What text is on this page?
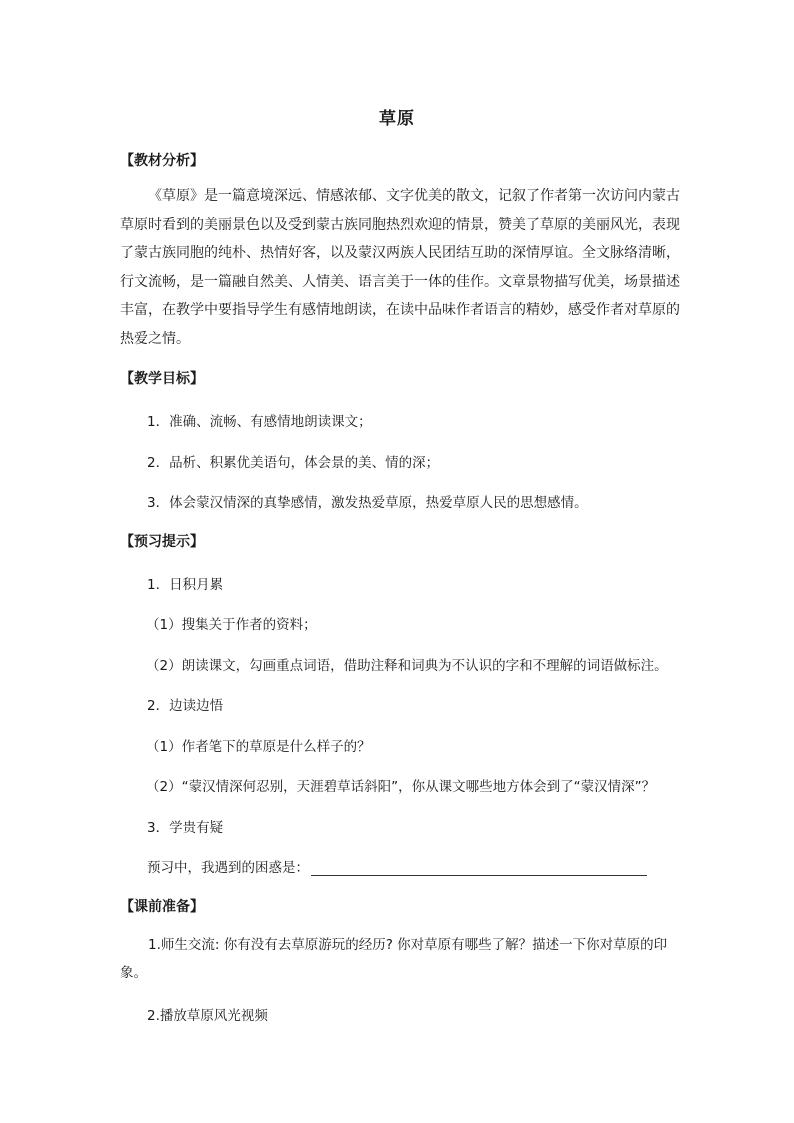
草原
【教材分析】
《草原》是一篇意境深远、情感浓郁、文字优美的散文，记叙了作者第一次访问内蒙古草原时看到的美丽景色以及受到蒙古族同胞热烈欢迎的情景，赞美了草原的美丽风光，表现了蒙古族同胞的纯朴、热情好客，以及蒙汉两族人民团结互助的深情厚谊。全文脉络清晰，行文流畅，是一篇融自然美、人情美、语言美于一体的佳作。文章景物描写优美，场景描述丰富，在教学中要指导学生有感情地朗读，在读中品味作者语言的精妙，感受作者对草原的热爱之情。
【教学目标】
1．准确、流畅、有感情地朗读课文；
2．品析、积累优美语句，体会景的美、情的深；
3．体会蒙汉情深的真挚感情，激发热爱草原，热爱草原人民的思想感情。
【预习提示】
1．日积月累
（1）搜集关于作者的资料；
（2）朗读课文，勾画重点词语，借助注释和词典为不认识的字和不理解的词语做标注。
2．边读边悟
（1）作者笔下的草原是什么样子的？
（2）“蒙汉情深何忍别，天涯碧草话斜阳”，你从课文哪些地方体会到了“蒙汉情深”？
3．学贵有疑
预习中，我遇到的困惑是：
【课前准备】
1.师生交流: 你有没有去草原游玩的经历? 你对草原有哪些了解？描述一下你对草原的印象。
2.播放草原风光视频
